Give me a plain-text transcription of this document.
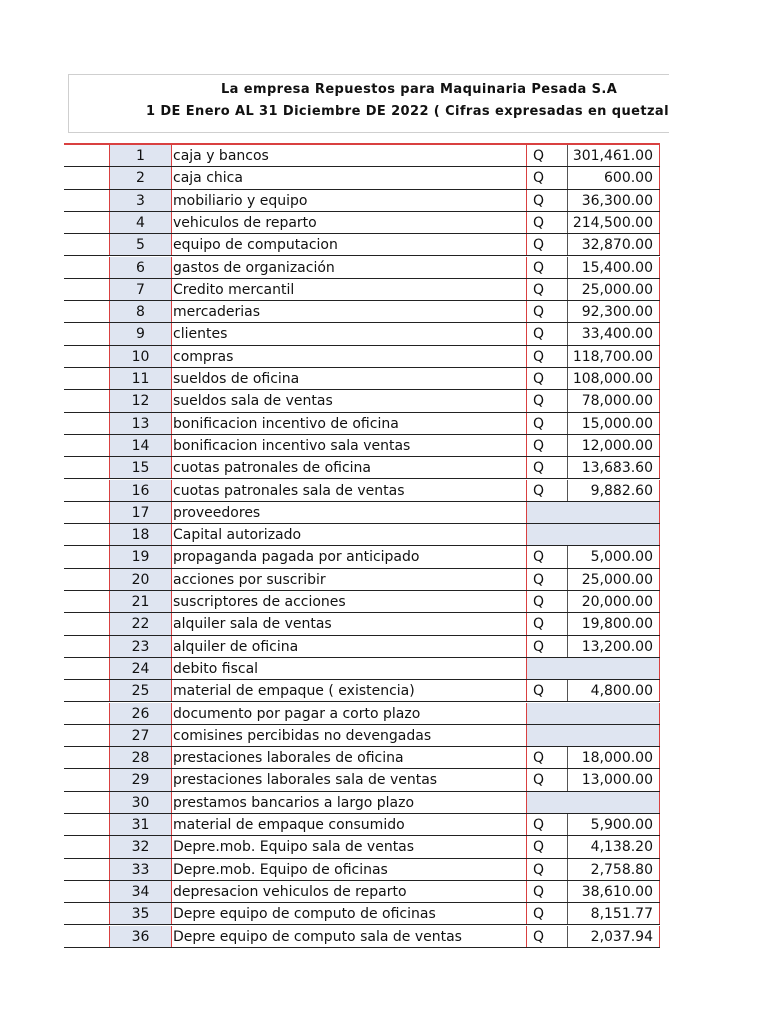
La empresa Repuestos para Maquinaria Pesada S.A
1 DE Enero AL 31 Diciembre DE 2022 ( Cifras expresadas en quetzal
1	caja y bancos	Q	301,461.00
2	caja chica	Q	600.00
3	mobiliario y equipo	Q	36,300.00
4	vehiculos de reparto	Q	214,500.00
5	equipo de computacion	Q	32,870.00
6	gastos de organización	Q	15,400.00
7	Credito mercantil	Q	25,000.00
8	mercaderias	Q	92,300.00
9	clientes	Q	33,400.00
10	compras	Q	118,700.00
11	sueldos de oficina	Q	108,000.00
12	sueldos sala de ventas	Q	78,000.00
13	bonificacion incentivo de oficina	Q	15,000.00
14	bonificacion incentivo sala ventas	Q	12,000.00
15	cuotas patronales de oficina	Q	13,683.60
16	cuotas patronales sala de ventas	Q	9,882.60
17	proveedores
18	Capital autorizado
19	propaganda pagada por anticipado	Q	5,000.00
20	acciones por suscribir	Q	25,000.00
21	suscriptores de acciones	Q	20,000.00
22	alquiler sala de ventas	Q	19,800.00
23	alquiler de oficina	Q	13,200.00
24	debito fiscal
25	material de empaque ( existencia)	Q	4,800.00
26	documento por pagar a corto plazo
27	comisines percibidas no devengadas
28	prestaciones laborales de oficina	Q	18,000.00
29	prestaciones laborales sala de ventas	Q	13,000.00
30	prestamos bancarios a largo plazo
31	material de empaque consumido	Q	5,900.00
32	Depre.mob. Equipo sala de ventas	Q	4,138.20
33	Depre.mob. Equipo de oficinas	Q	2,758.80
34	depresacion vehiculos de reparto	Q	38,610.00
35	Depre equipo de computo de oficinas	Q	8,151.77
36	Depre equipo de computo sala de ventas	Q	2,037.94
